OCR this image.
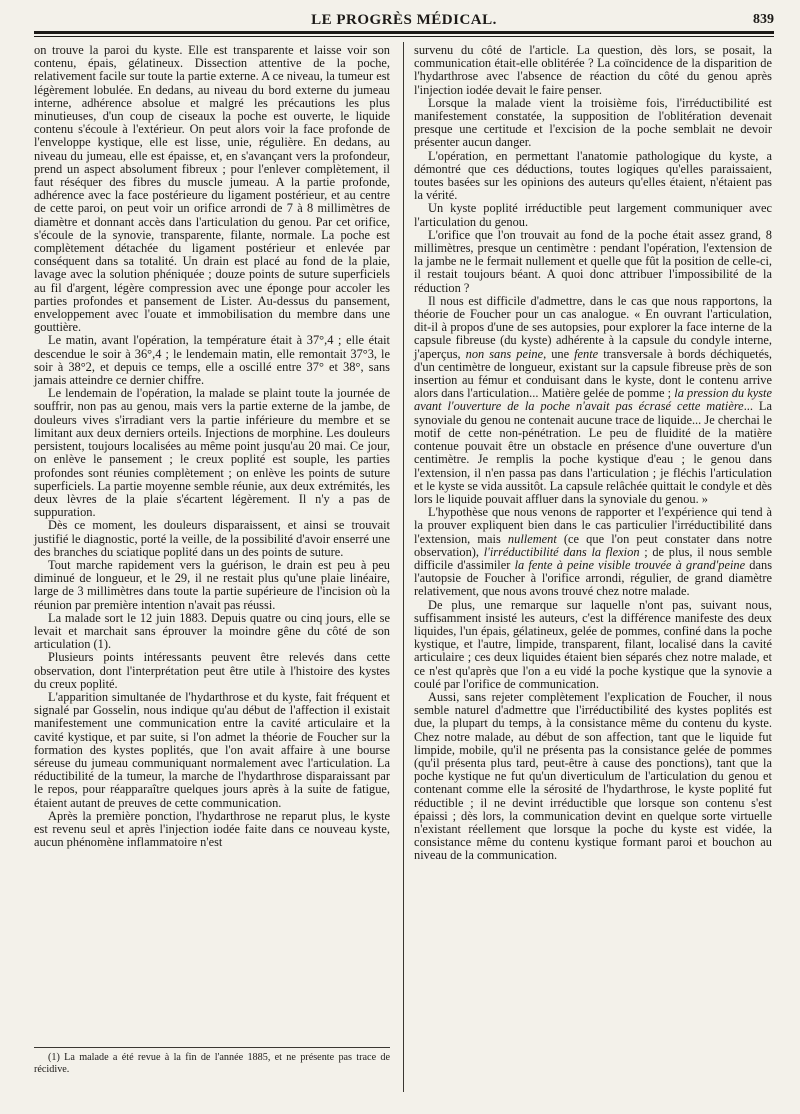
LE PROGRÈS MÉDICAL.	839

on trouve la paroi du kyste. Elle est transparente et laisse voir son contenu, épais, gélatineux. Dissection attentive de la poche, relativement facile sur toute la partie externe. A ce niveau, la tumeur est légèrement lobulée. En dedans, au niveau du bord externe du jumeau interne, adhérence absolue et malgré les précautions les plus minutieuses, d'un coup de ciseaux la poche est ouverte, le liquide contenu s'écoule à l'extérieur. On peut alors voir la face profonde de l'enveloppe kystique, elle est lisse, unie, régulière. En dedans, au niveau du jumeau, elle est épaisse, et, en s'avançant vers la profondeur, prend un aspect absolument fibreux ; pour l'enlever complètement, il faut réséquer des fibres du muscle jumeau. A la partie profonde, adhérence avec la face postérieure du ligament postérieur, et au centre de cette paroi, on peut voir un orifice arrondi de 7 à 8 millimètres de diamètre et donnant accès dans l'articulation du genou. Par cet orifice, s'écoule de la synovie, transparente, filante, normale. La poche est complètement détachée du ligament postérieur et enlevée par conséquent dans sa totalité. Un drain est placé au fond de la plaie, lavage avec la solution phéniquée ; douze points de suture superficiels au fil d'argent, légère compression avec une éponge pour accoler les parties profondes et pansement de Lister. Au-dessus du pansement, enveloppement avec l'ouate et immobilisation du membre dans une gouttière.

Le matin, avant l'opération, la température était à 37°,4 ; elle était descendue le soir à 36°,4 ; le lendemain matin, elle remontait 37°3, le soir à 38°2, et depuis ce temps, elle a oscillé entre 37° et 38°, sans jamais atteindre ce dernier chiffre.

Le lendemain de l'opération, la malade se plaint toute la journée de souffrir, non pas au genou, mais vers la partie externe de la jambe, de douleurs vives s'irradiant vers la partie inférieure du membre et se limitant aux deux derniers orteils. Injections de morphine. Les douleurs persistent, toujours localisées au même point jusqu'au 20 mai. Ce jour, on enlève le pansement ; le creux poplité est souple, les parties profondes sont réunies complètement ; on enlève les points de suture superficiels. La partie moyenne semble réunie, aux deux extrémités, les deux lèvres de la plaie s'écartent légèrement. Il n'y a pas de suppuration.

Dès ce moment, les douleurs disparaissent, et ainsi se trouvait justifié le diagnostic, porté la veille, de la possibilité d'avoir enserré une des branches du sciatique poplité dans un des points de suture.

Tout marche rapidement vers la guérison, le drain est peu à peu diminué de longueur, et le 29, il ne restait plus qu'une plaie linéaire, large de 3 millimètres dans toute la partie supérieure de l'incision où la réunion par première intention n'avait pas réussi.

La malade sort le 12 juin 1883. Depuis quatre ou cinq jours, elle se levait et marchait sans éprouver la moindre gêne du côté de son articulation (1).

Plusieurs points intéressants peuvent être relevés dans cette observation, dont l'interprétation peut être utile à l'histoire des kystes du creux poplité.

L'apparition simultanée de l'hydarthrose et du kyste, fait fréquent et signalé par Gosselin, nous indique qu'au début de l'affection il existait manifestement une communication entre la cavité articulaire et la cavité kystique, et par suite, si l'on admet la théorie de Foucher sur la formation des kystes poplités, que l'on avait affaire à une bourse séreuse du jumeau communiquant normalement avec l'articulation. La réductibilité de la tumeur, la marche de l'hydarthrose disparaissant par le repos, pour réapparaître quelques jours après à la suite de fatigue, étaient autant de preuves de cette communication.

Après la première ponction, l'hydarthrose ne reparut plus, le kyste est revenu seul et après l'injection iodée faite dans ce nouveau kyste, aucun phénomène inflammatoire n'est

survenu du côté de l'article. La question, dès lors, se posait, la communication était-elle oblitérée ? La coïncidence de la disparition de l'hydarthrose avec l'absence de réaction du côté du genou après l'injection iodée devait le faire penser.

Lorsque la malade vient la troisième fois, l'irréductibilité est manifestement constatée, la supposition de l'oblitération devenait presque une certitude et l'excision de la poche semblait ne devoir présenter aucun danger.

L'opération, en permettant l'anatomie pathologique du kyste, a démontré que ces déductions, toutes logiques qu'elles paraissaient, toutes basées sur les opinions des auteurs qu'elles étaient, n'étaient pas la vérité.

Un kyste poplité irréductible peut largement communiquer avec l'articulation du genou.

L'orifice que l'on trouvait au fond de la poche était assez grand, 8 millimètres, presque un centimètre : pendant l'opération, l'extension de la jambe ne le fermait nullement et quelle que fût la position de celle-ci, il restait toujours béant. A quoi donc attribuer l'impossibilité de la réduction ?

Il nous est difficile d'admettre, dans le cas que nous rapportons, la théorie de Foucher pour un cas analogue. « En ouvrant l'articulation, dit-il à propos d'une de ses autopsies, pour explorer la face interne de la capsule fibreuse (du kyste) adhérente à la capsule du condyle interne, j'aperçus, non sans peine, une fente transversale à bords déchiquetés, d'un centimètre de longueur, existant sur la capsule fibreuse près de son insertion au fémur et conduisant dans le kyste, dont le contenu arrive alors dans l'articulation... Matière gelée de pomme ; la pression du kyste avant l'ouverture de la poche n'avait pas écrasé cette matière... La synoviale du genou ne contenait aucune trace de liquide... Je cherchai le motif de cette non-pénétration. Le peu de fluidité de la matière contenue pouvait être un obstacle en présence d'une ouverture d'un centimètre. Je remplis la poche kystique d'eau ; le genou dans l'extension, il n'en passa pas dans l'articulation ; je fléchis l'articulation et le kyste se vida aussitôt. La capsule relâchée quittait le condyle et dès lors le liquide pouvait affluer dans la synoviale du genou. »

L'hypothèse que nous venons de rapporter et l'expérience qui tend à la prouver expliquent bien dans le cas particulier l'irréductibilité dans l'extension, mais nullement (ce que l'on peut constater dans notre observation), l'irréductibilité dans la flexion ; de plus, il nous semble difficile d'assimiler la fente à peine visible trouvée à grand'peine dans l'autopsie de Foucher à l'orifice arrondi, régulier, de grand diamètre relativement, que nous avons trouvé chez notre malade.

De plus, une remarque sur laquelle n'ont pas, suivant nous, suffisamment insisté les auteurs, c'est la différence manifeste des deux liquides, l'un épais, gélatineux, gelée de pommes, confiné dans la poche kystique, et l'autre, limpide, transparent, filant, localisé dans la cavité articulaire ; ces deux liquides étaient bien séparés chez notre malade, et ce n'est qu'après que l'on a eu vidé la poche kystique que la synovie a coulé par l'orifice de communication.

Aussi, sans rejeter complètement l'explication de Foucher, il nous semble naturel d'admettre que l'irréductibilité des kystes poplités est due, la plupart du temps, à la consistance même du contenu du kyste. Chez notre malade, au début de son affection, tant que le liquide fut limpide, mobile, qu'il ne présenta pas la consistance gelée de pommes (qu'il présenta plus tard, peut-être à cause des ponctions), tant que la poche kystique ne fut qu'un diverticulum de l'articulation du genou et contenant comme elle la sérosité de l'hydarthrose, le kyste poplité fut réductible ; il ne devint irréductible que lorsque son contenu s'est épaissi ; dès lors, la communication devint en quelque sorte virtuelle n'existant réellement que lorsque la poche du kyste est vidée, la consistance même du contenu kystique formant paroi et bouchon au niveau de la communication.

(1) La malade a été revue à la fin de l'année 1885, et ne présente pas trace de récidive.
